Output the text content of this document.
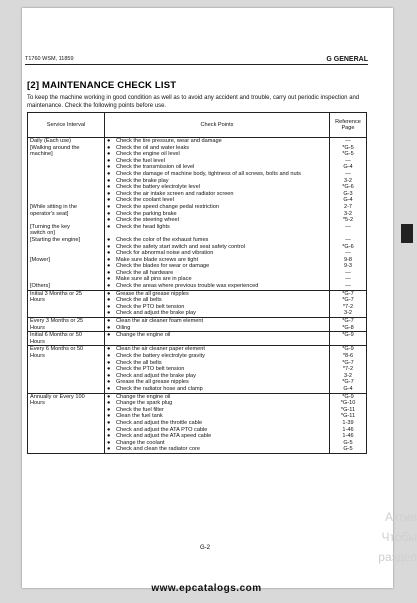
T1760 WSM, 11859	G GENERAL
[2] MAINTENANCE CHECK LIST
To keep the machine working in good condition as well as to avoid any accident and trouble, carry out periodic inspection and maintenance. Check the following points before use.
Service Interval	Check Points	Reference Page
Daily (Each use)	● Check the tire pressure, wear and damage	—
[Walking around the	● Check the oil and water leaks	*G-5
machine]	● Check the engine oil level	*G-5
	● Check the fuel level	—
	● Check the transmission oil level	G-4
	● Check the damage of machine body, tightness of all screws, bolts and nuts	—
	● Check the brake play	3-2
	● Check the battery electrolyte level	*G-6
	● Check the air intake screen and radiator screen	G-3
	● Check the coolant level	G-4
[While sitting in the	● Check the speed change pedal restriction	2-7
operator's seat]	● Check the parking brake	3-2
	● Check the steering wheel	*5-2
[Turning the key	● Check the head lights	—
switch on]		
[Starting the engine]	● Check the color of the exhaust fumes	—
	● Check the safety start switch and seat safety control	*G-6
	● Check for abnormal noise and vibration	—
[Mower]	● Make sure blade screws are tight	9-8
	● Check the blades for wear or damage	9-3
	● Check the all hardware	—
	● Make sure all pins are in place	—
[Others]	● Check the areas where previous trouble was experienced	—
Initial 3 Months or 25	● Grease the all grease nipples	*G-7
Hours	● Check the all belts	*G-7
	● Check the PTO belt tension	*7-2
	● Check and adjust the brake play	3-2
Every 3 Months or 25	● Clean the air cleaner foam element	*G-7
Hours	● Oiling	*G-8
Initial 6 Months or 50	● Change the engine oil	*G-9
Hours		
Every 6 Months or 50	● Clean the air cleaner paper element	*G-9
Hours	● Check the battery electrolyte gravity	*8-6
	● Check the all belts	*G-7
	● Check the PTO belt tension	*7-2
	● Check and adjust the brake play	3-2
	● Grease the all grease nipples	*G-7
	● Check the radiator hose and clamp	G-4
Annually or Every 100	● Change the engine oil	*G-9
Hours	● Change the spark plug	*G-10
	● Check the fuel filter	*G-11
	● Clean the fuel tank	*G-11
	● Check and adjust the throttle cable	1-39
	● Check and adjust the ATA PTO cable	1-46
	● Check and adjust the ATA speed cable	1-46
	● Change the coolant	G-5
	● Check and clean the radiator core	G-5
G-2
Актив
Чтобы
раздел
www.epcatalogs.com
